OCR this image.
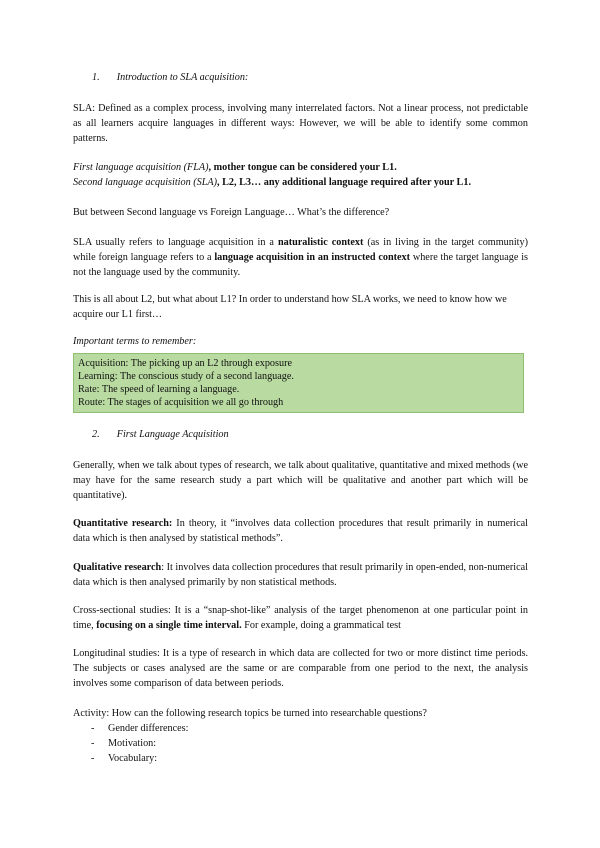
1. Introduction to SLA acquisition:
SLA: Defined as a complex process, involving many interrelated factors. Not a linear process, not predictable as all learners acquire languages in different ways: However, we will be able to identify some common patterns.
First language acquisition (FLA), mother tongue can be considered your L1.
Second language acquisition (SLA), L2, L3… any additional language required after your L1.
But between Second language vs Foreign Language… What’s the difference?
SLA usually refers to language acquisition in a naturalistic context (as in living in the target community) while foreign language refers to a language acquisition in an instructed context where the target language is not the language used by the community.
This is all about L2, but what about L1? In order to understand how SLA works, we need to know how we acquire our L1 first…
Important terms to remember:
Acquisition: The picking up an L2 through exposure
Learning: The conscious study of a second language.
Rate: The speed of learning a language.
Route: The stages of acquisition we all go through
2. First Language Acquisition
Generally, when we talk about types of research, we talk about qualitative, quantitative and mixed methods (we may have for the same research study a part which will be qualitative and another part which will be quantitative).
Quantitative research: In theory, it “involves data collection procedures that result primarily in numerical data which is then analysed by statistical methods”.
Qualitative research: It involves data collection procedures that result primarily in open-ended, non-numerical data which is then analysed primarily by non statistical methods.
Cross-sectional studies: It is a “snap-shot-like” analysis of the target phenomenon at one particular point in time, focusing on a single time interval. For example, doing a grammatical test
Longitudinal studies: It is a type of research in which data are collected for two or more distinct time periods. The subjects or cases analysed are the same or are comparable from one period to the next, the analysis involves some comparison of data between periods.
Activity: How can the following research topics be turned into researchable questions?
- Gender differences:
- Motivation:
- Vocabulary:
